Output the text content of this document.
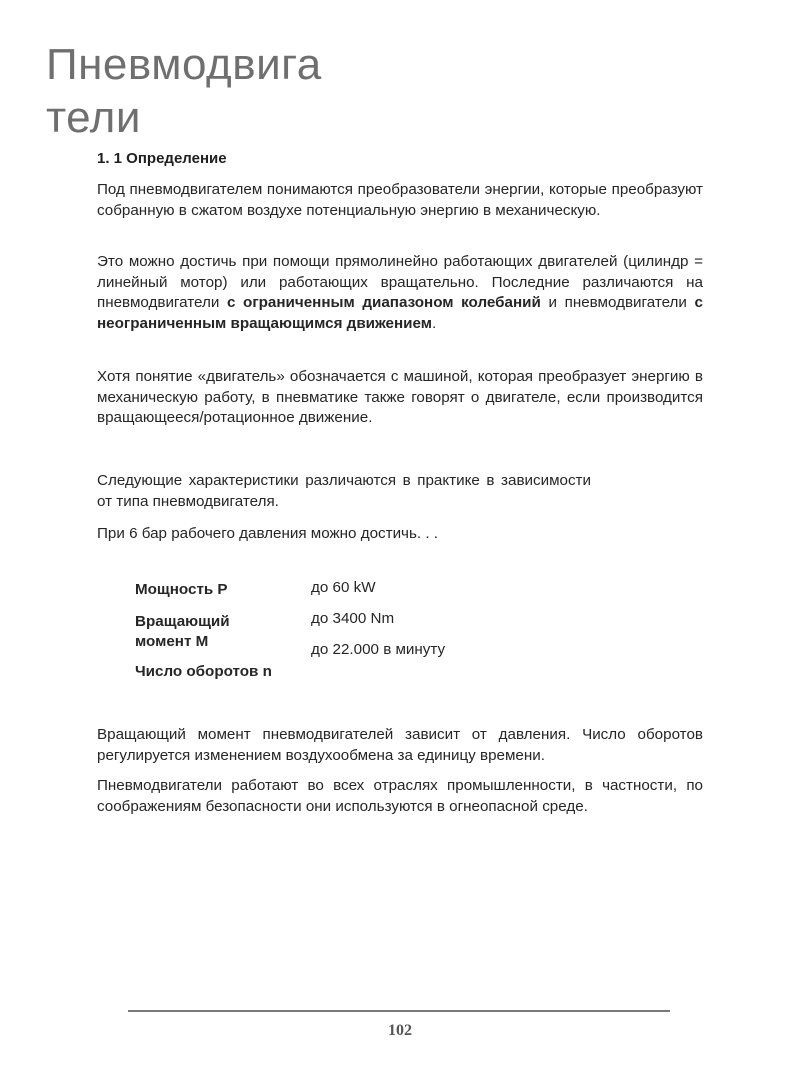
Пневмодвига
тели
1. 1 Определение

Под пневмодвигателем понимаются преобразователи энергии, которые преобразуют собранную в сжатом воздухе потенциальную энергию в механическую.

Это можно достичь при помощи прямолинейно работающих двигателей (цилиндр = линейный мотор) или работающих вращательно. Последние различаются на пневмодвигатели с ограниченным диапазоном колебаний и пневмодвигатели с неограниченным вращающимся движением.

Хотя понятие «двигатель» обозначается с машиной, которая преобразует энергию в механическую работу, в пневматике также говорят о двигателе, если производится вращающееся/ротационное движение.

Следующие характеристики различаются в практике в зависимости от типа пневмодвигателя.

При 6 бар рабочего давления можно достичь. . .

Мощность P
Вращающий момент M
Число оборотов n
до 60 kW
до 3400 Nm
до 22.000 в минуту

Вращающий момент пневмодвигателей зависит от давления. Число оборотов регулируется изменением воздухообмена за единицу времени.

Пневмодвигатели работают во всех отраслях промышленности, в частности, по соображениям безопасности они используются в огнеопасной среде.

102
